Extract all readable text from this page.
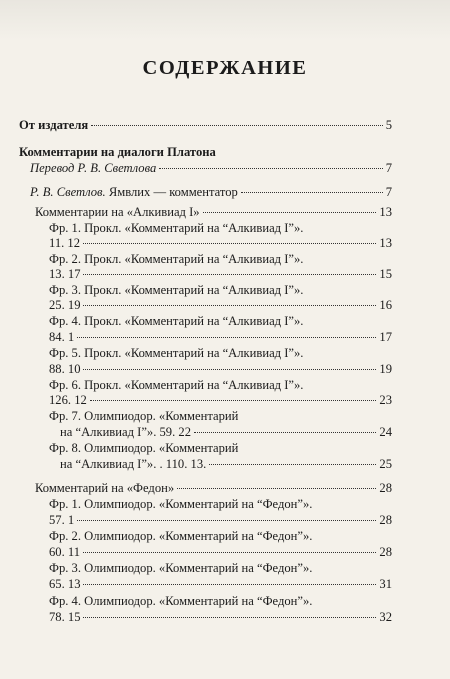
СОДЕРЖАНИЕ
От издателя	5
Комментарии на диалоги Платона
Перевод Р. В. Светлова	7
Р. В. Светлов. Ямвлих — комментатор	7
Комментарии на «Алкивиад I»	13
Фр. 1. Прокл. «Комментарий на “Алкивиад I”».
11. 12	13
Фр. 2. Прокл. «Комментарий на “Алкивиад I”».
13. 17	15
Фр. 3. Прокл. «Комментарий на “Алкивиад I”».
25. 19	16
Фр. 4. Прокл. «Комментарий на “Алкивиад I”».
84. 1	17
Фр. 5. Прокл. «Комментарий на “Алкивиад I”».
88. 10	19
Фр. 6. Прокл. «Комментарий на “Алкивиад I”».
126. 12	23
Фр. 7. Олимпиодор. «Комментарий
на “Алкивиад I”». 59. 22	24
Фр. 8. Олимпиодор. «Комментарий
на “Алкивиад I”». . 110. 13.	25
Комментарий на «Федон»	28
Фр. 1. Олимпиодор. «Комментарий на “Федон”».
57. 1	28
Фр. 2. Олимпиодор. «Комментарий на “Федон”».
60. 11	28
Фр. 3. Олимпиодор. «Комментарий на “Федон”».
65. 13	31
Фр. 4. Олимпиодор. «Комментарий на “Федон”».
78. 15	32
